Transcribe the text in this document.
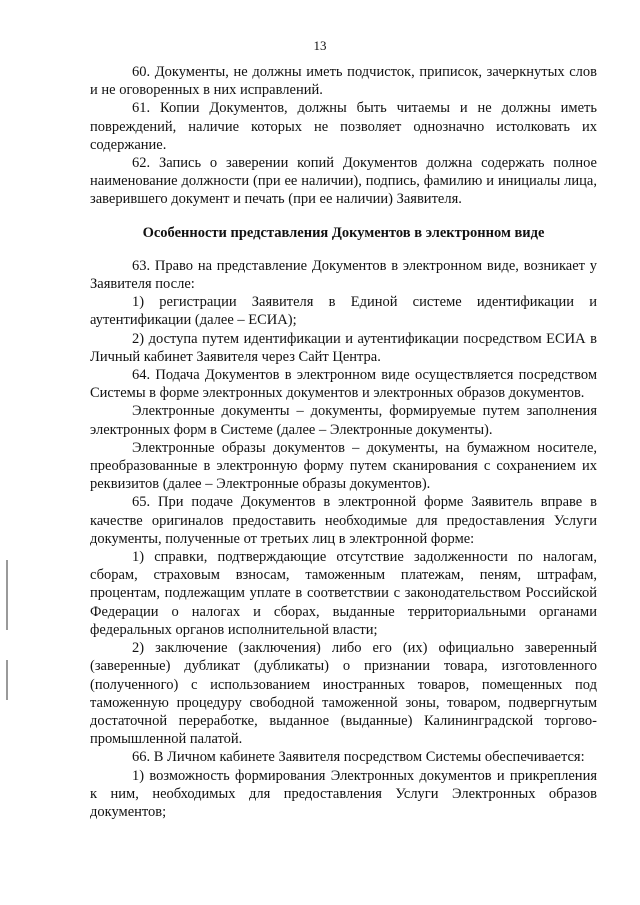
13

60. Документы, не должны иметь подчисток, приписок, зачеркнутых слов и не оговоренных в них исправлений.

61. Копии Документов, должны быть читаемы и не должны иметь повреждений, наличие которых не позволяет однозначно истолковать их содержание.

62. Запись о заверении копий Документов должна содержать полное наименование должности (при ее наличии), подпись, фамилию и инициалы лица, заверившего документ и печать (при ее наличии) Заявителя.

Особенности представления Документов в электронном виде

63. Право на представление Документов в электронном виде, возникает у Заявителя после:

1) регистрации Заявителя в Единой системе идентификации и аутентификации (далее – ЕСИА);

2) доступа путем идентификации и аутентификации посредством ЕСИА в Личный кабинет Заявителя через Сайт Центра.

64. Подача Документов в электронном виде осуществляется посредством Системы в форме электронных документов и электронных образов документов.

Электронные документы – документы, формируемые путем заполнения электронных форм в Системе (далее – Электронные документы).

Электронные образы документов – документы, на бумажном носителе, преобразованные в электронную форму путем сканирования с сохранением их реквизитов (далее – Электронные образы документов).

65. При подаче Документов в электронной форме Заявитель вправе в качестве оригиналов предоставить необходимые для предоставления Услуги документы, полученные от третьих лиц в электронной форме:

1) справки, подтверждающие отсутствие задолженности по налогам, сборам, страховым взносам, таможенным платежам, пеням, штрафам, процентам, подлежащим уплате в соответствии с законодательством Российской Федерации о налогах и сборах, выданные территориальными органами федеральных органов исполнительной власти;

2) заключение (заключения) либо его (их) официально заверенный (заверенные) дубликат (дубликаты) о признании товара, изготовленного (полученного) с использованием иностранных товаров, помещенных под таможенную процедуру свободной таможенной зоны, товаром, подвергнутым достаточной переработке, выданное (выданные) Калининградской торгово-промышленной палатой.

66. В Личном кабинете Заявителя посредством Системы обеспечивается:

1) возможность формирования Электронных документов и прикрепления к ним, необходимых для предоставления Услуги Электронных образов документов;
